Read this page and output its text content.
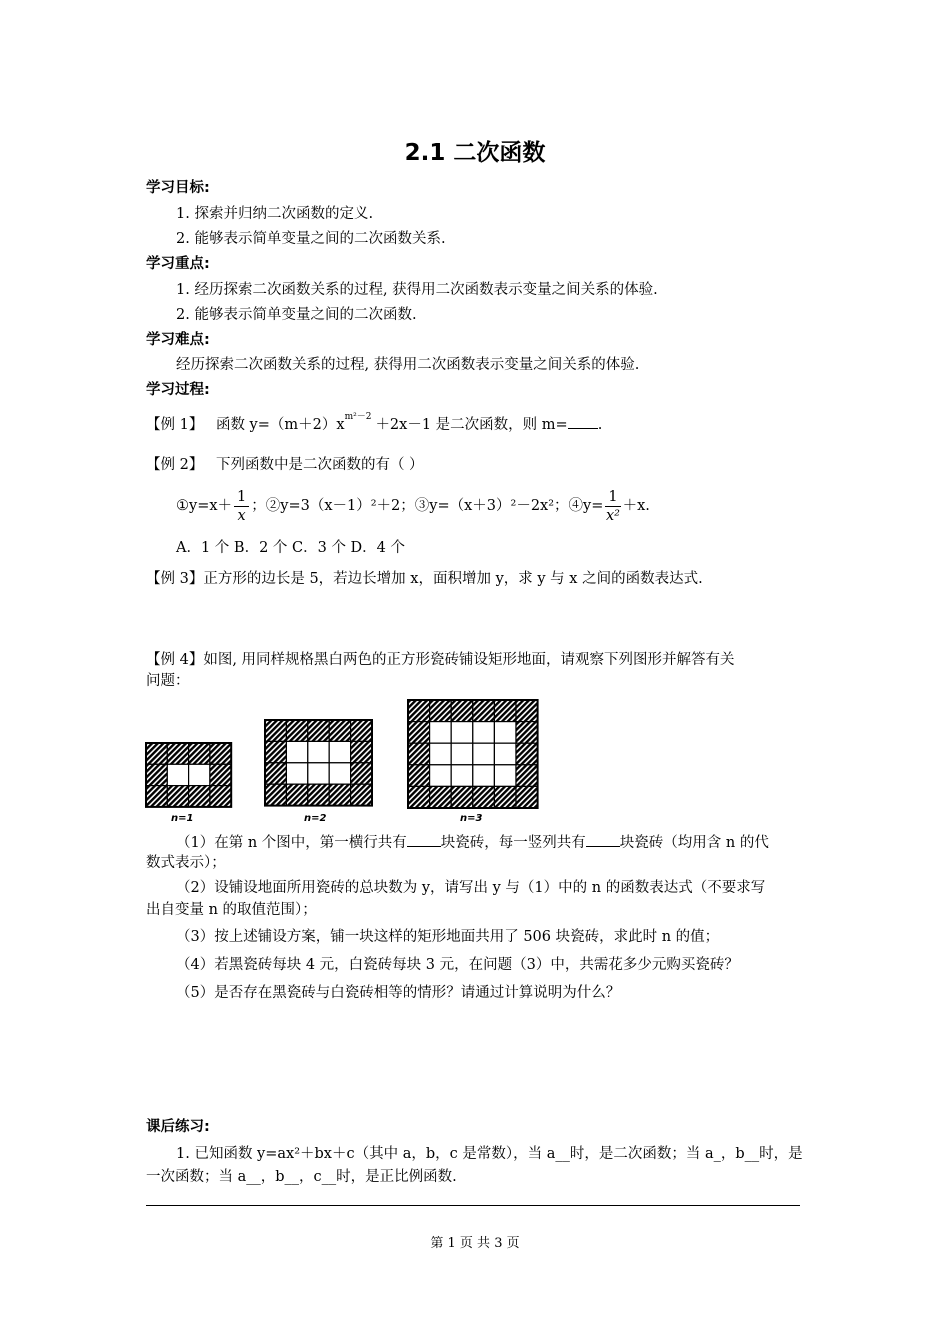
2.1 二次函数
学习目标:
1. 探索并归纳二次函数的定义.
2. 能够表示简单变量之间的二次函数关系.
学习重点:
1. 经历探索二次函数关系的过程, 获得用二次函数表示变量之间关系的体验.
2. 能够表示简单变量之间的二次函数.
学习难点:
经历探索二次函数关系的过程, 获得用二次函数表示变量之间关系的体验.
学习过程:
【例 1】 函数 $y=(m+2)x^{m^2-2} +2x-1$ 是二次函数，则 m= .
【例 2】 下列函数中是二次函数的有（ ）
①y=x＋ $\frac{1}{x}$ ；②y=3（x－1）²＋2；③y=（x＋3）²－2x²；④y= $\frac{1}{\text{x²}} +x$.
A．1 个 B．2 个 C．3 个 D．4 个
【例 3】正方形的边长是 5，若边长增加 x，面积增加 y，求 y 与 x 之间的函数表达式.
【例 4】如图, 用同样规格黑白两色的正方形瓷砖铺设矩形地面，请观察下列图形并解答有关
问题：
n=1	n=2	n=3
（1）在第 n 个图中，第一横行共有 块瓷砖，每一竖列共有 块瓷砖（均用含 n 的代
数式表示）；
（2）设铺设地面所用瓷砖的总块数为 y，请写出 y 与（1）中的 n 的函数表达式（不要求写
出自变量 n 的取值范围）；
（3）按上述铺设方案，铺一块这样的矩形地面共用了 506 块瓷砖，求此时 n 的值；
（4）若黑瓷砖每块 4 元，白瓷砖每块 3 元，在问题（3）中，共需花多少元购买瓷砖？
（5）是否存在黑瓷砖与白瓷砖相等的情形？请通过计算说明为什么？
课后练习:
1. 已知函数 y=ax²＋bx＋c（其中 a，b，c 是常数），当 a__时，是二次函数；当 a_，b__时，是
一次函数；当 a__，b__，c__时，是正比例函数.
第 1 页 共 3 页
